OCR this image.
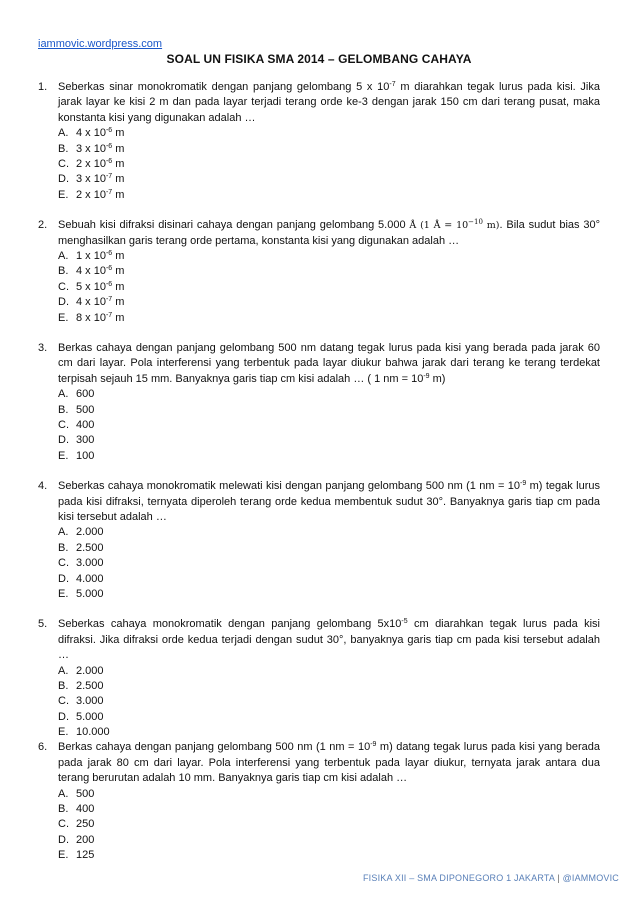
iammovic.wordpress.com
SOAL UN FISIKA SMA 2014 – GELOMBANG CAHAYA
1. Seberkas sinar monokromatik dengan panjang gelombang 5 x $10^{-7}$ m diarahkan tegak lurus pada kisi. Jika jarak layar ke kisi 2 m dan pada layar terjadi terang orde ke-3 dengan jarak 150 cm dari terang pusat, maka konstanta kisi yang digunakan adalah …
A. 4 x $10^{-6}$ m
B. 3 x $10^{-6}$ m
C. 2 x $10^{-6}$ m
D. 3 x $10^{-7}$ m
E. 2 x $10^{-7}$ m
2. Sebuah kisi difraksi disinari cahaya dengan panjang gelombang 5.000 Å (1 Å = $10^{-10}$ m). Bila sudut bias 30° menghasilkan garis terang orde pertama, konstanta kisi yang digunakan adalah …
A. 1 x $10^{-6}$ m
B. 4 x $10^{-6}$ m
C. 5 x $10^{-6}$ m
D. 4 x $10^{-7}$ m
E. 8 x $10^{-7}$ m
3. Berkas cahaya dengan panjang gelombang 500 nm datang tegak lurus pada kisi yang berada pada jarak 60 cm dari layar. Pola interferensi yang terbentuk pada layar diukur bahwa jarak dari terang ke terang terdekat terpisah sejauh 15 mm. Banyaknya garis tiap cm kisi adalah … ( 1 nm = $10^{-9}$ m)
A. 600
B. 500
C. 400
D. 300
E. 100
4. Seberkas cahaya monokromatik melewati kisi dengan panjang gelombang 500 nm (1 nm = $10^{-9}$ m) tegak lurus pada kisi difraksi, ternyata diperoleh terang orde kedua membentuk sudut 30°. Banyaknya garis tiap cm pada kisi tersebut adalah …
A. 2.000
B. 2.500
C. 3.000
D. 4.000
E. 5.000
5. Seberkas cahaya monokromatik dengan panjang gelombang $5x10^{-5}$ cm diarahkan tegak lurus pada kisi difraksi. Jika difraksi orde kedua terjadi dengan sudut 30°, banyaknya garis tiap cm pada kisi tersebut adalah …
A. 2.000
B. 2.500
C. 3.000
D. 5.000
E. 10.000
6. Berkas cahaya dengan panjang gelombang 500 nm (1 nm = $10^{-9}$ m) datang tegak lurus pada kisi yang berada pada jarak 80 cm dari layar. Pola interferensi yang terbentuk pada layar diukur, ternyata jarak antara dua terang berurutan adalah 10 mm. Banyaknya garis tiap cm kisi adalah …
A. 500
B. 400
C. 250
D. 200
E. 125
FISIKA XII – SMA DIPONEGORO 1 JAKARTA | @IAMMOVIC
